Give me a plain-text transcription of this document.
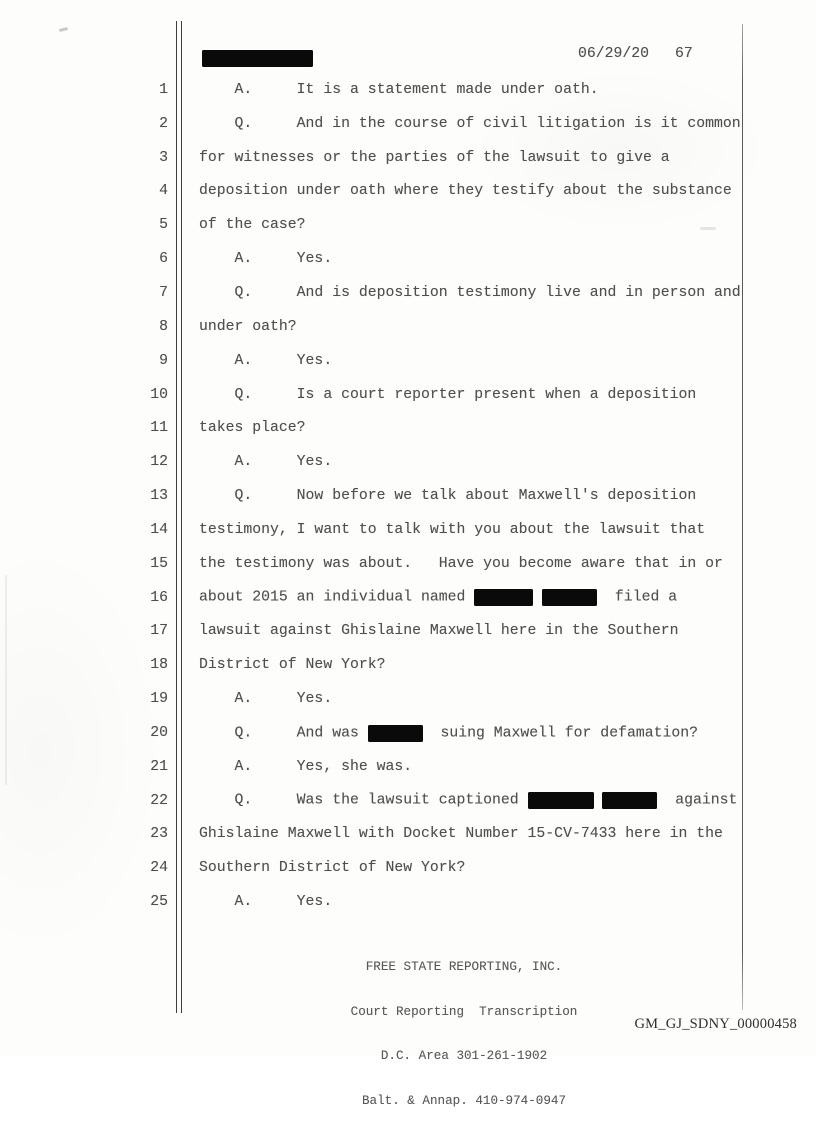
06/29/20 67
1 A.     It is a statement made under oath.
2 Q.     And in the course of civil litigation is it common
3 for witnesses or the parties of the lawsuit to give a
4 deposition under oath where they testify about the substance
5 of the case?
6 A.     Yes.
7 Q.     And is deposition testimony live and in person and
8 under oath?
9 A.     Yes.
10 Q.     Is a court reporter present when a deposition
11 takes place?
12 A.     Yes.
13 Q.     Now before we talk about Maxwell's deposition
14 testimony, I want to talk with you about the lawsuit that
15 the testimony was about.   Have you become aware that in or
16 about 2015 an individual named	filed a
17 lawsuit against Ghislaine Maxwell here in the Southern
18 District of New York?
19 A.     Yes.
20 Q.     And was	suing Maxwell for defamation?
21 A.     Yes, she was.
22 Q.     Was the lawsuit captioned	against
23 Ghislaine Maxwell with Docket Number 15-CV-7433 here in the
24 Southern District of New York?
25 A.     Yes.

FREE STATE REPORTING, INC.

Court Reporting  Transcription

D.C. Area 301-261-1902

Balt. & Annap. 410-974-0947

GM_GJ_SDNY_00000458
